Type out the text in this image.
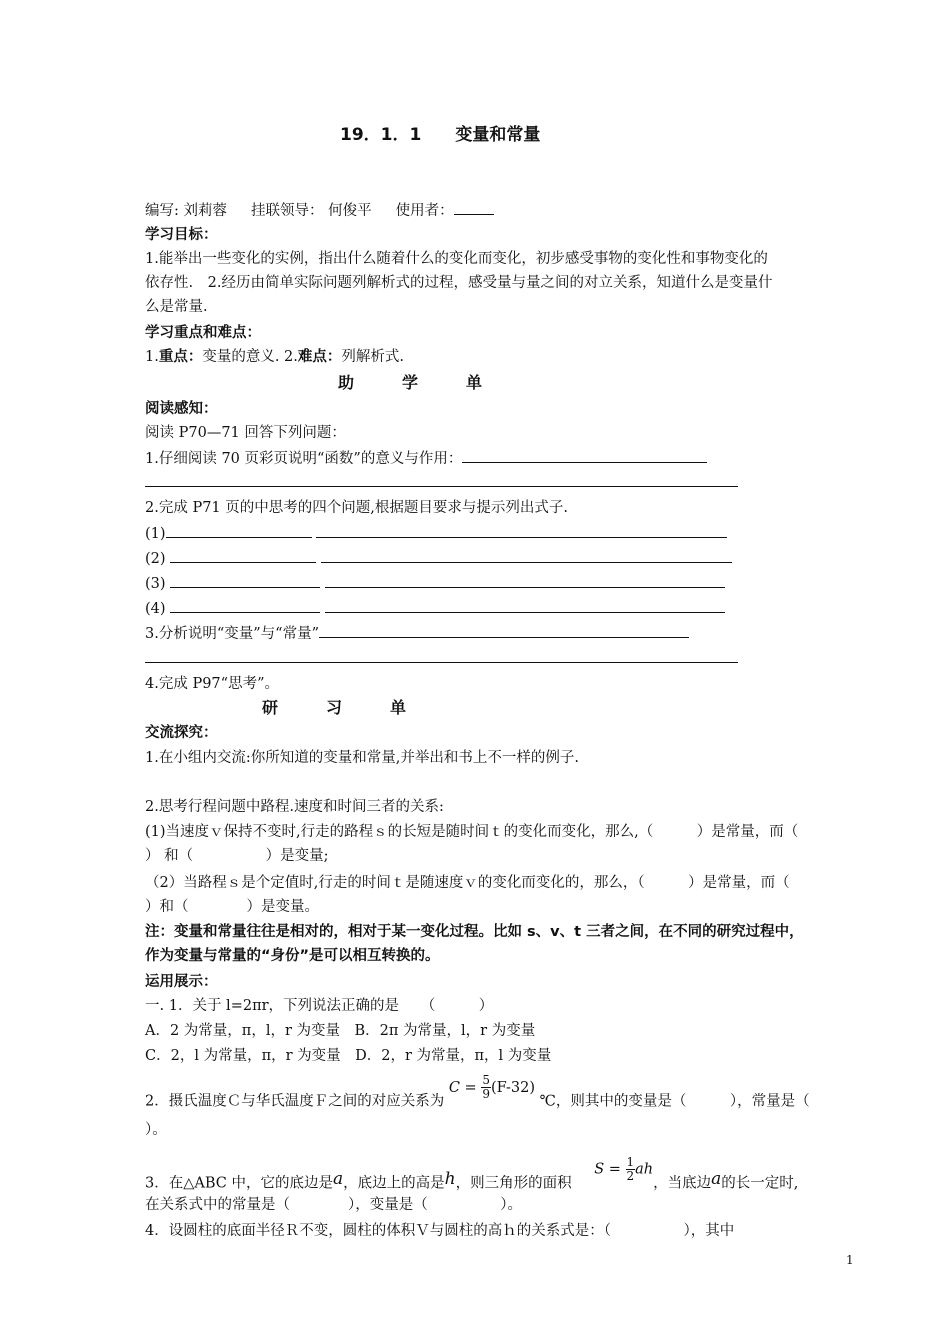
19．1．1　　变量和常量
编写: 刘莉蓉 挂联领导： 何俊平 使用者：
学习目标：
1.能举出一些变化的实例，指出什么随着什么的变化而变化，初步感受事物的变化性和事物变化的
依存性.　2.经历由简单实际问题列解析式的过程，感受量与量之间的对立关系，知道什么是变量什
么是常量.
学习重点和难点：
1.重点：变量的意义. 2.难点：列解析式.
助　　　学　　　单
阅读感知：
阅读 P70—71 回答下列问题：
1.仔细阅读 70 页彩页说明“函数”的意义与作用：
2.完成 P71 页的中思考的四个问题,根据题目要求与提示列出式子.
(1)
(2)
(3)
(4)
3.分析说明“变量”与“常量”
4.完成 P97“思考”。
研　　　习　　　单
交流探究：
1.在小组内交流:你所知道的变量和常量,并举出和书上不一样的例子.
2.思考行程问题中路程.速度和时间三者的关系:
(1)当速度ｖ保持不变时,行走的路程ｓ的长短是随时间ｔ的变化而变化，那么,（　　　）是常量，而（
） 和（　　　　　）是变量;
（2）当路程ｓ是个定值时,行走的时间ｔ是随速度ｖ的变化而变化的，那么，（　　　）是常量，而（
）和（　　　　）是变量。
注：变量和常量往往是相对的，相对于某一变化过程。比如 s、v、t 三者之间，在不同的研究过程中，
作为变量与常量的“身份”是可以相互转换的。
运用展示：
一. 1．关于 l=2πr，下列说法正确的是　　（　　　）
A．2 为常量，π，l，r 为变量　B．2π 为常量，l，r 为变量
C．2，l 为常量，π，r 为变量　D．2，r 为常量，π，l 为变量
2．摄氏温度Ｃ与华氏温度Ｆ之间的对应关系为 $C = \frac{5}{9} (F-32)$ ℃，则其中的变量是（　　　），常量是（
）。
3．在△ABC 中，它的底边是a，底边上的高是h，则三角形的面积 $S = \frac{1}{2}$ ah，当底边a的长一定时,
在关系式中的常量是（　　　　），变量是（　　　　　）。
4．设圆柱的底面半径Ｒ不变，圆柱的体积Ｖ与圆柱的高ｈ的关系式是：（　　　　　），其中
1
